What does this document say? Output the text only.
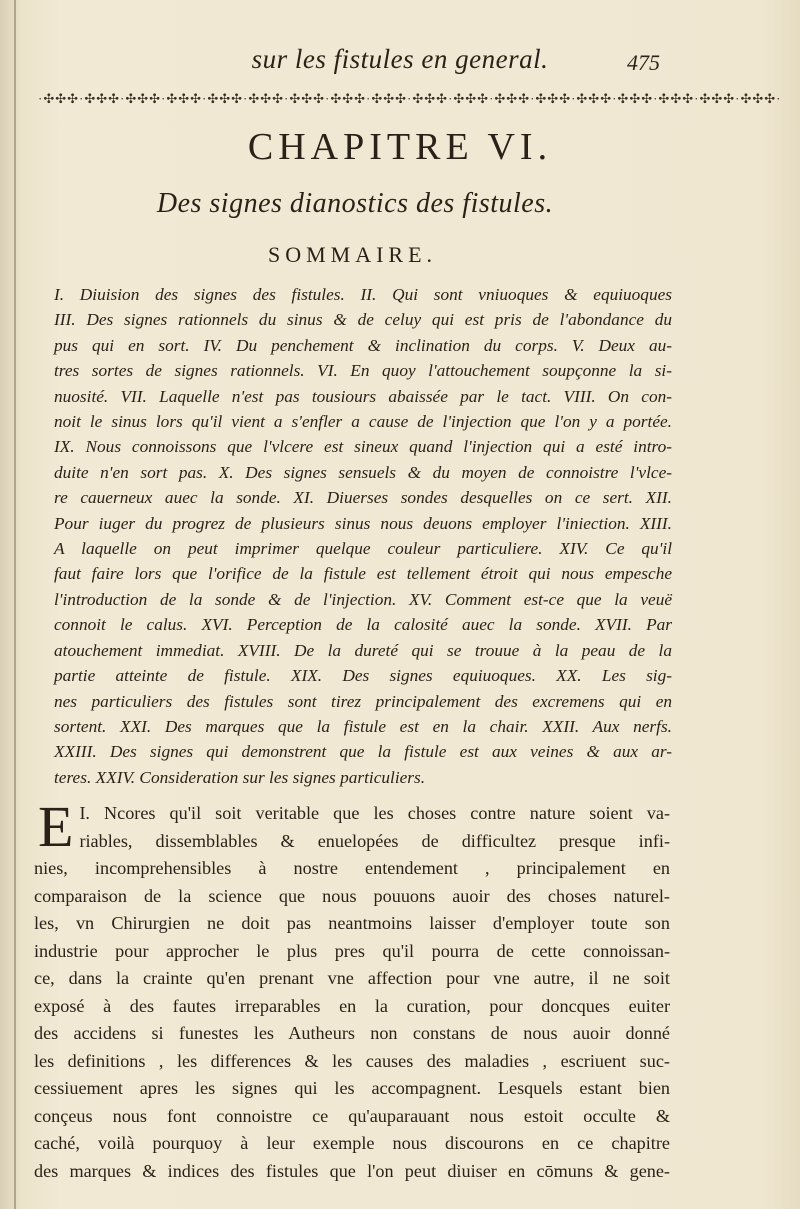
sur les fistules en general.	475
·✣✣✣·✣✣✣·✣✣✣·✣✣✣·✣✣✣·✣✣✣·✣✣✣·✣✣✣·✣✣✣·✣✣✣·✣✣✣·✣✣✣·✣✣✣·✣✣✣·✣✣✣·✣✣✣·✣✣✣·✣✣✣·
CHAPITRE VI.
Des signes dianostics des fistules.
SOMMAIRE.
I. Diuision des signes des fistules. II. Qui sont vniuoques & equiuoques
III. Des signes rationnels du sinus & de celuy qui est pris de l'abondance du
pus qui en sort. IV. Du penchement & inclination du corps. V. Deux au-
tres sortes de signes rationnels. VI. En quoy l'attouchement soupçonne la si-
nuosité. VII. Laquelle n'est pas tousiours abaissée par le tact. VIII. On con-
noit le sinus lors qu'il vient a s'enfler a cause de l'injection que l'on y a portée.
IX. Nous connoissons que l'vlcere est sineux quand l'injection qui a esté intro-
duite n'en sort pas. X. Des signes sensuels & du moyen de connoistre l'vlce-
re cauerneux auec la sonde. XI. Diuerses sondes desquelles on ce sert. XII.
Pour iuger du progrez de plusieurs sinus nous deuons employer l'iniection. XIII.
A laquelle on peut imprimer quelque couleur particuliere. XIV. Ce qu'il
faut faire lors que l'orifice de la fistule est tellement étroit qui nous empesche
l'introduction de la sonde & de l'injection. XV. Comment est-ce que la veuë
connoit le calus. XVI. Perception de la calosité auec la sonde. XVII. Par
atouchement immediat. XVIII. De la dureté qui se trouue à la peau de la
partie atteinte de fistule. XIX. Des signes equiuoques. XX. Les sig-
nes particuliers des fistules sont tirez principalement des excremens qui en
sortent. XXI. Des marques que la fistule est en la chair. XXII. Aux nerfs.
XXIII. Des signes qui demonstrent que la fistule est aux veines & aux ar-
teres. XXIV. Consideration sur les signes particuliers.
I.
E Ncores qu'il soit veritable que les choses contre nature soient va-
riables, dissemblables & enuelopées de difficultez presque infi-
nies, incomprehensibles à nostre entendement , principalement en
comparaison de la science que nous pouuons auoir des choses naturel-
les, vn Chirurgien ne doit pas neantmoins laisser d'employer toute son
industrie pour approcher le plus pres qu'il pourra de cette connoissan-
ce, dans la crainte qu'en prenant vne affection pour vne autre, il ne soit
exposé à des fautes irreparables en la curation, pour doncques euiter
des accidens si funestes les Autheurs non constans de nous auoir donné
les definitions , les differences & les causes des maladies , escriuent suc-
cessiuement apres les signes qui les accompagnent. Lesquels estant bien
conçeus nous font connoistre ce qu'auparauant nous estoit occulte &
caché, voilà pourquoy à leur exemple nous discourons en ce chapitre
des marques & indices des fistules que l'on peut diuiser en cōmuns & gene-
